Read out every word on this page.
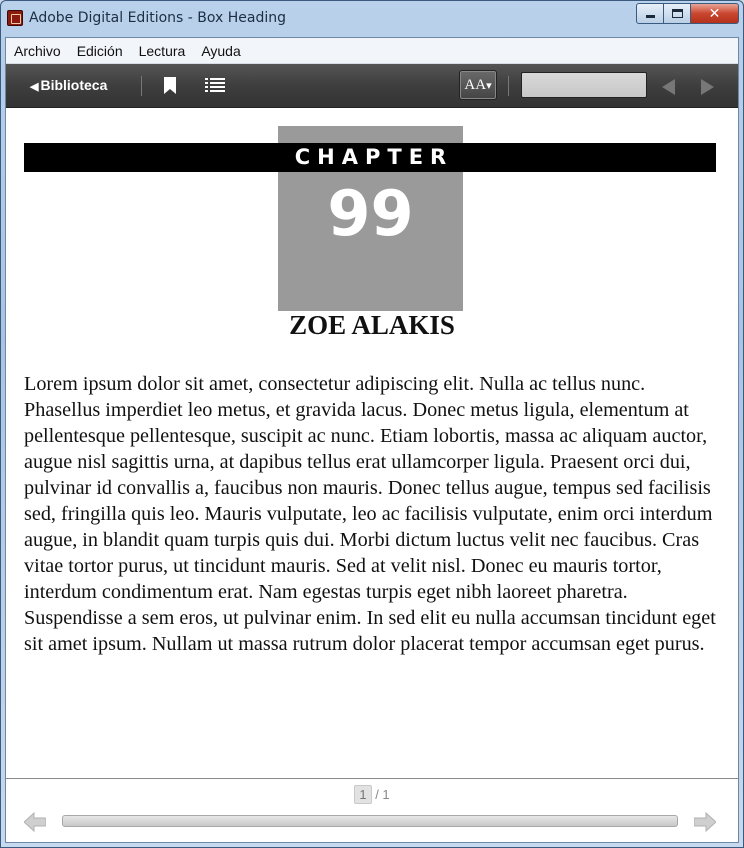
Adobe Digital Editions - Box Heading	✕
Archivo Edición Lectura Ayuda
◀ Biblioteca	AA ▾
CHAPTER
99
ZOE ALAKIS

Lorem ipsum dolor sit amet, consectetur adipiscing elit. Nulla ac tellus nunc. Phasellus imperdiet leo metus, et gravida lacus. Donec metus ligula, elementum at pellentesque pellentesque, suscipit ac nunc. Etiam lobortis, massa ac aliquam auctor, augue nisl sagittis urna, at dapibus tellus erat ullamcorper ligula. Praesent orci dui, pulvinar id convallis a, faucibus non mauris. Donec tellus augue, tempus sed facilisis sed, fringilla quis leo. Mauris vulputate, leo ac facilisis vulputate, enim orci interdum augue, in blandit quam turpis quis dui. Morbi dictum luctus velit nec faucibus. Cras vitae tortor purus, ut tincidunt mauris. Sed at velit nisl. Donec eu mauris tortor, interdum condimentum erat. Nam egestas turpis eget nibh laoreet pharetra. Suspendisse a sem eros, ut pulvinar enim. In sed elit eu nulla accumsan tincidunt eget sit amet ipsum. Nullam ut massa rutrum dolor placerat tempor accumsan eget purus.

1 / 1
